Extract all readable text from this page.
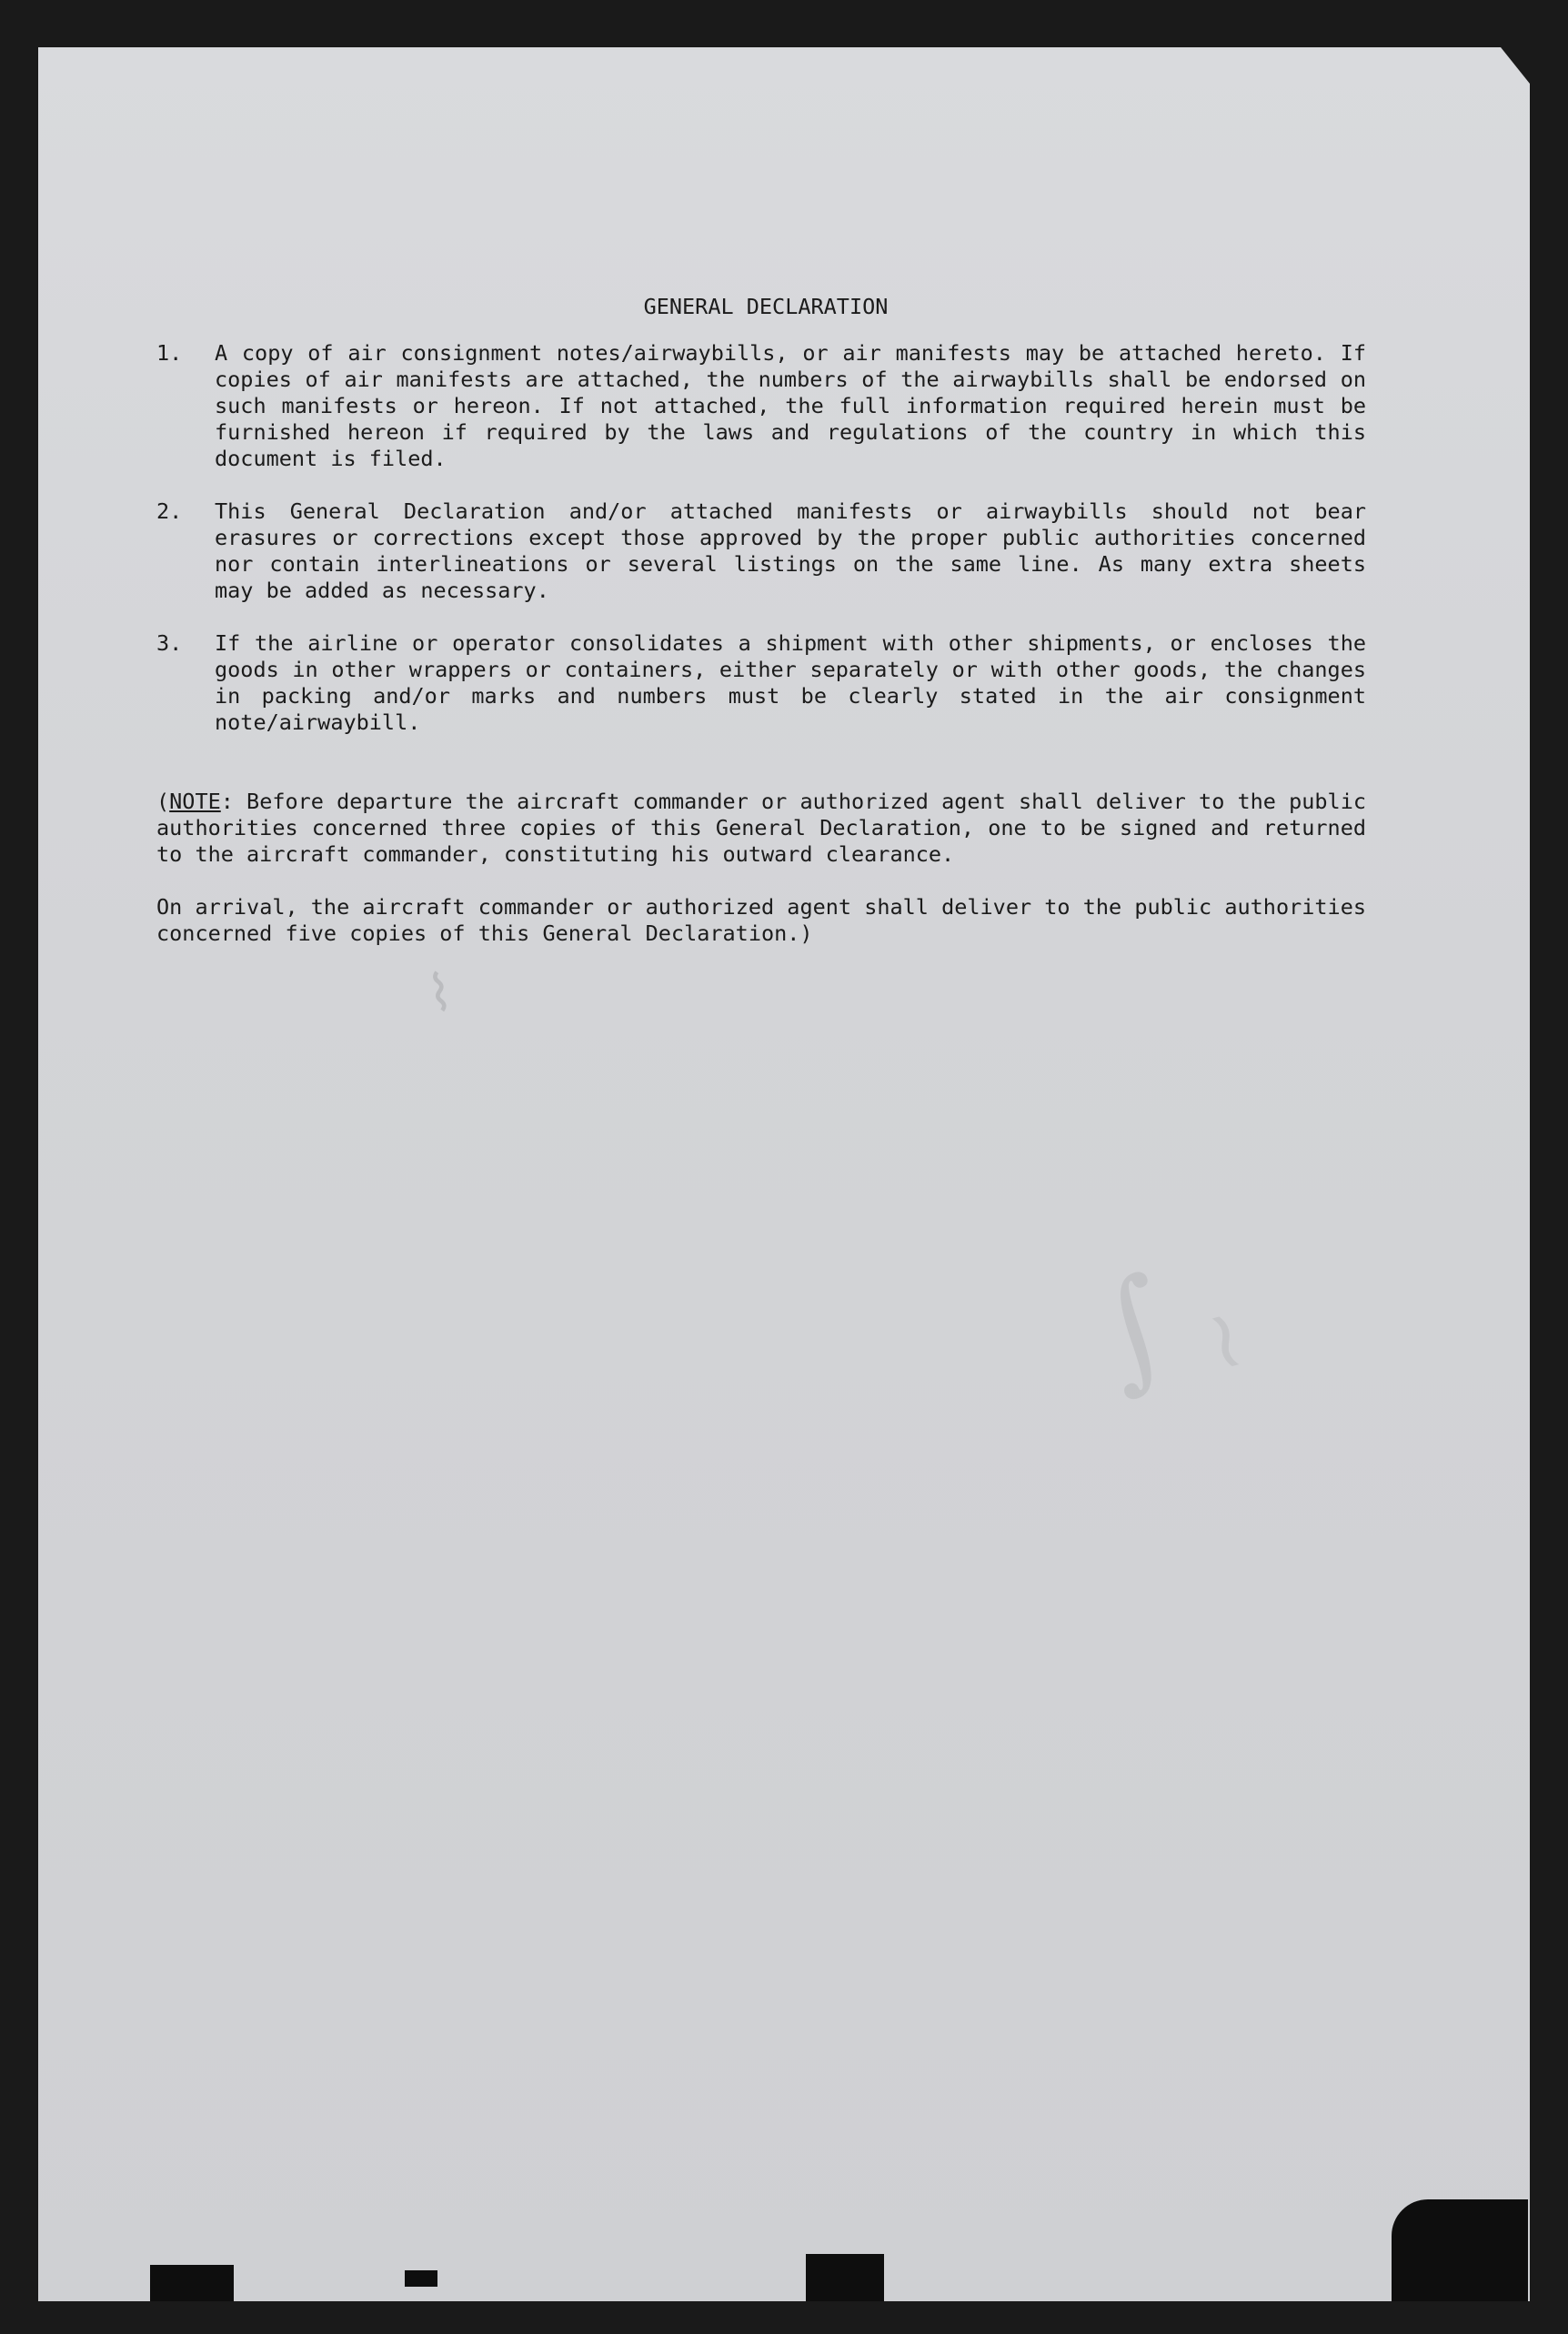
⌇
∫ ≀
GENERAL DECLARATION
1.	A copy of air consignment notes/airwaybills, or air manifests may be attached hereto. If copies of air manifests are attached, the numbers of the airwaybills shall be endorsed on such manifests or hereon. If not attached, the full information required herein must be furnished hereon if required by the laws and regulations of the country in which this document is filed.
2.	This General Declaration and/or attached manifests or airwaybills should not bear erasures or corrections except those approved by the proper public authorities concerned nor contain interlineations or several listings on the same line. As many extra sheets may be added as necessary.
3.	If the airline or operator consolidates a shipment with other shipments, or encloses the goods in other wrappers or containers, either separately or with other goods, the changes in packing and/or marks and numbers must be clearly stated in the air consignment note/airwaybill.

(NOTE: Before departure the aircraft commander or authorized agent shall deliver to the public authorities concerned three copies of this General Declaration, one to be signed and returned to the aircraft commander, constituting his outward clearance.

On arrival, the aircraft commander or authorized agent shall deliver to the public authorities concerned five copies of this General Declaration.)
